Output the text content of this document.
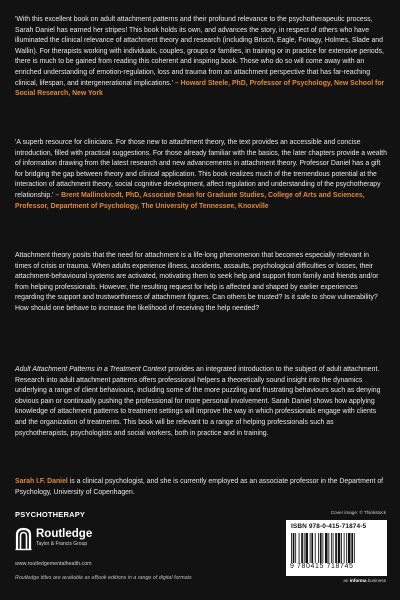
'With this excellent book on adult attachment patterns and their profound relevance to the psychotherapeutic process, Sarah Daniel has earned her stripes! This book holds its own, and advances the story, in respect of others who have illuminated the clinical relevance of attachment theory and research (including Brisch, Eagle, Fonagy, Holmes, Slade and Wallin). For therapists working with individuals, couples, groups or families, in training or in practice for extensive periods, there is much to be gained from reading this coherent and inspiring book. Those who do so will come away with an enriched understanding of emotion-regulation, loss and trauma from an attachment perspective that has far-reaching clinical, lifespan, and intergenerational implications.' – Howard Steele, PhD, Professor of Psychology, New School for Social Research, New York

'A superb resource for clinicians. For those new to attachment theory, the text provides an accessible and concise introduction, filled with practical suggestions. For those already familiar with the basics, the later chapters provide a wealth of information drawing from the latest research and new advancements in attachment theory. Professor Daniel has a gift for bridging the gap between theory and clinical application. This book realizes much of the tremendous potential at the interaction of attachment theory, social cognitive development, affect regulation and understanding of the psychotherapy relationship.' – Brent Mallinckrodt, PhD, Associate Dean for Graduate Studies, College of Arts and Sciences, Professor, Department of Psychology, The University of Tennessee, Knoxville

Attachment theory posits that the need for attachment is a life-long phenomenon that becomes especially relevant in times of crisis or trauma. When adults experience illness, accidents, assaults, psychological difficulties or losses, their attachment-behavioural systems are activated, motivating them to seek help and support from family and friends and/or from helping professionals. However, the resulting request for help is affected and shaped by earlier experiences regarding the support and trustworthiness of attachment figures. Can others be trusted? Is it safe to show vulnerability? How should one behave to increase the likelihood of receiving the help needed?

Adult Attachment Patterns in a Treatment Context provides an integrated introduction to the subject of adult attachment. Research into adult attachment patterns offers professional helpers a theoretically sound insight into the dynamics underlying a range of client behaviours, including some of the more puzzling and frustrating behaviours such as denying obvious pain or continually pushing the professional for more personal involvement. Sarah Daniel shows how applying knowledge of attachment patterns to treatment settings will improve the way in which professionals engage with clients and the organization of treatments. This book will be relevant to a range of helping professionals such as psychotherapists, psychologists and social workers, both in practice and in training.

Sarah I.F. Daniel is a clinical psychologist, and she is currently employed as an associate professor in the Department of Psychology, University of Copenhagen.

PSYCHOTHERAPY	Cover image: © Thinkstock
Routledge
Taylor & Francis Group
www.routledgementalhealth.com
Routledge titles are available as eBook editions in a range of digital formats
ISBN 978-0-415-71874-5
9 780415 718745
an informa business
